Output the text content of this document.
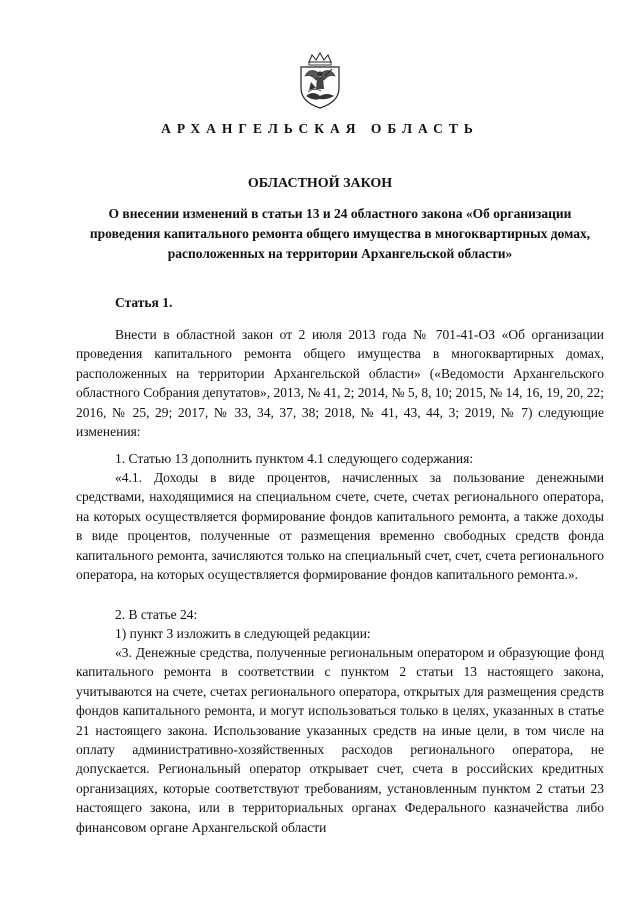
АРХАНГЕЛЬСКАЯ ОБЛАСТЬ
ОБЛАСТНОЙ ЗАКОН
О внесении изменений в статьи 13 и 24 областного закона «Об организации проведения капитального ремонта общего имущества в многоквартирных домах, расположенных на территории Архангельской области»
Статья 1.

Внести в областной закон от 2 июля 2013 года № 701-41-ОЗ «Об организации проведения капитального ремонта общего имущества в многоквартирных домах, расположенных на территории Архангельской области» («Ведомости Архангельского областного Собрания депутатов», 2013, № 41, 2; 2014, № 5, 8, 10; 2015, № 14, 16, 19, 20, 22; 2016, № 25, 29; 2017, № 33, 34, 37, 38; 2018, № 41, 43, 44, 3; 2019, № 7) следующие изменения:

1. Статью 13 дополнить пунктом 4.1 следующего содержания:

«4.1. Доходы в виде процентов, начисленных за пользование денежными средствами, находящимися на специальном счете, счете, счетах регионального оператора, на которых осуществляется формирование фондов капитального ремонта, а также доходы в виде процентов, полученные от размещения временно свободных средств фонда капитального ремонта, зачисляются только на специальный счет, счет, счета регионального оператора, на которых осуществляется формирование фондов капитального ремонта.».

2. В статье 24:
1) пункт 3 изложить в следующей редакции:

«3. Денежные средства, полученные региональным оператором и образующие фонд капитального ремонта в соответствии с пунктом 2 статьи 13 настоящего закона, учитываются на счете, счетах регионального оператора, открытых для размещения средств фондов капитального ремонта, и могут использоваться только в целях, указанных в статье 21 настоящего закона. Использование указанных средств на иные цели, в том числе на оплату административно-хозяйственных расходов регионального оператора, не допускается. Региональный оператор открывает счет, счета в российских кредитных организациях, которые соответствуют требованиям, установленным пунктом 2 статьи 23 настоящего закона, или в территориальных органах Федерального казначейства либо финансовом органе Архангельской области
